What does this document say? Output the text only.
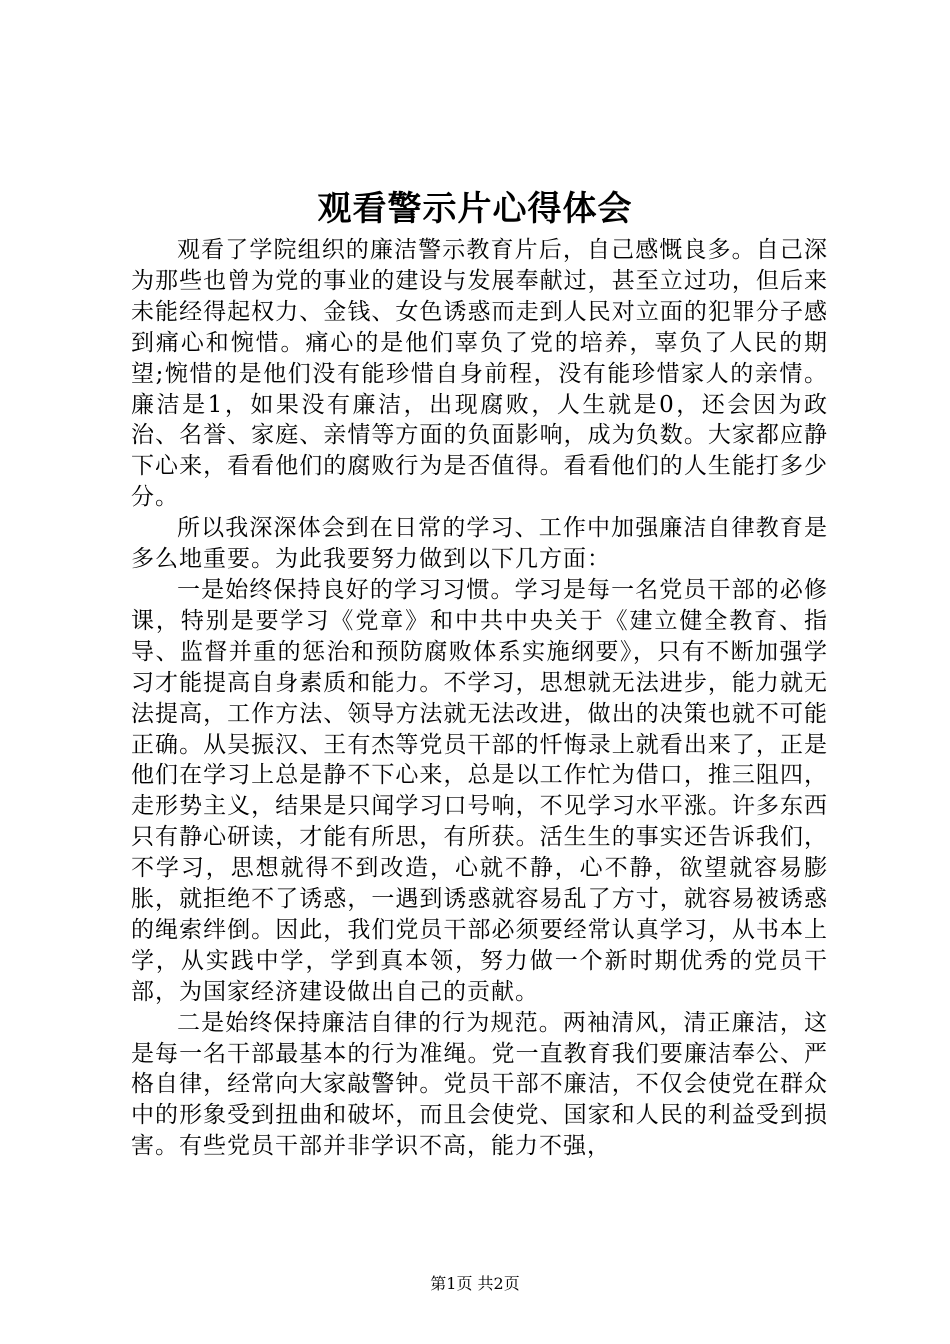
观看警示片心得体会

观看了学院组织的廉洁警示教育片后，自己感慨良多。自己深为那些也曾为党的事业的建设与发展奉献过，甚至立过功，但后来未能经得起权力、金钱、女色诱惑而走到人民对立面的犯罪分子感到痛心和惋惜。痛心的是他们辜负了党的培养，辜负了人民的期望;惋惜的是他们没有能珍惜自身前程，没有能珍惜家人的亲情。廉洁是1，如果没有廉洁，出现腐败，人生就是0，还会因为政治、名誉、家庭、亲情等方面的负面影响，成为负数。大家都应静下心来，看看他们的腐败行为是否值得。看看他们的人生能打多少分。

所以我深深体会到在日常的学习、工作中加强廉洁自律教育是多么地重要。为此我要努力做到以下几方面：

一是始终保持良好的学习习惯。学习是每一名党员干部的必修课，特别是要学习《党章》和中共中央关于《建立健全教育、指导、监督并重的惩治和预防腐败体系实施纲要》，只有不断加强学习才能提高自身素质和能力。不学习，思想就无法进步，能力就无法提高，工作方法、领导方法就无法改进，做出的决策也就不可能正确。从吴振汉、王有杰等党员干部的忏悔录上就看出来了，正是他们在学习上总是静不下心来，总是以工作忙为借口，推三阻四，走形势主义，结果是只闻学习口号响，不见学习水平涨。许多东西只有静心研读，才能有所思，有所获。活生生的事实还告诉我们，不学习，思想就得不到改造，心就不静，心不静，欲望就容易膨胀，就拒绝不了诱惑，一遇到诱惑就容易乱了方寸，就容易被诱惑的绳索绊倒。因此，我们党员干部必须要经常认真学习，从书本上学，从实践中学，学到真本领，努力做一个新时期优秀的党员干部，为国家经济建设做出自己的贡献。

二是始终保持廉洁自律的行为规范。两袖清风，清正廉洁，这是每一名干部最基本的行为准绳。党一直教育我们要廉洁奉公、严格自律，经常向大家敲警钟。党员干部不廉洁，不仅会使党在群众中的形象受到扭曲和破坏，而且会使党、国家和人民的利益受到损害。有些党员干部并非学识不高，能力不强，

第1页 共2页
